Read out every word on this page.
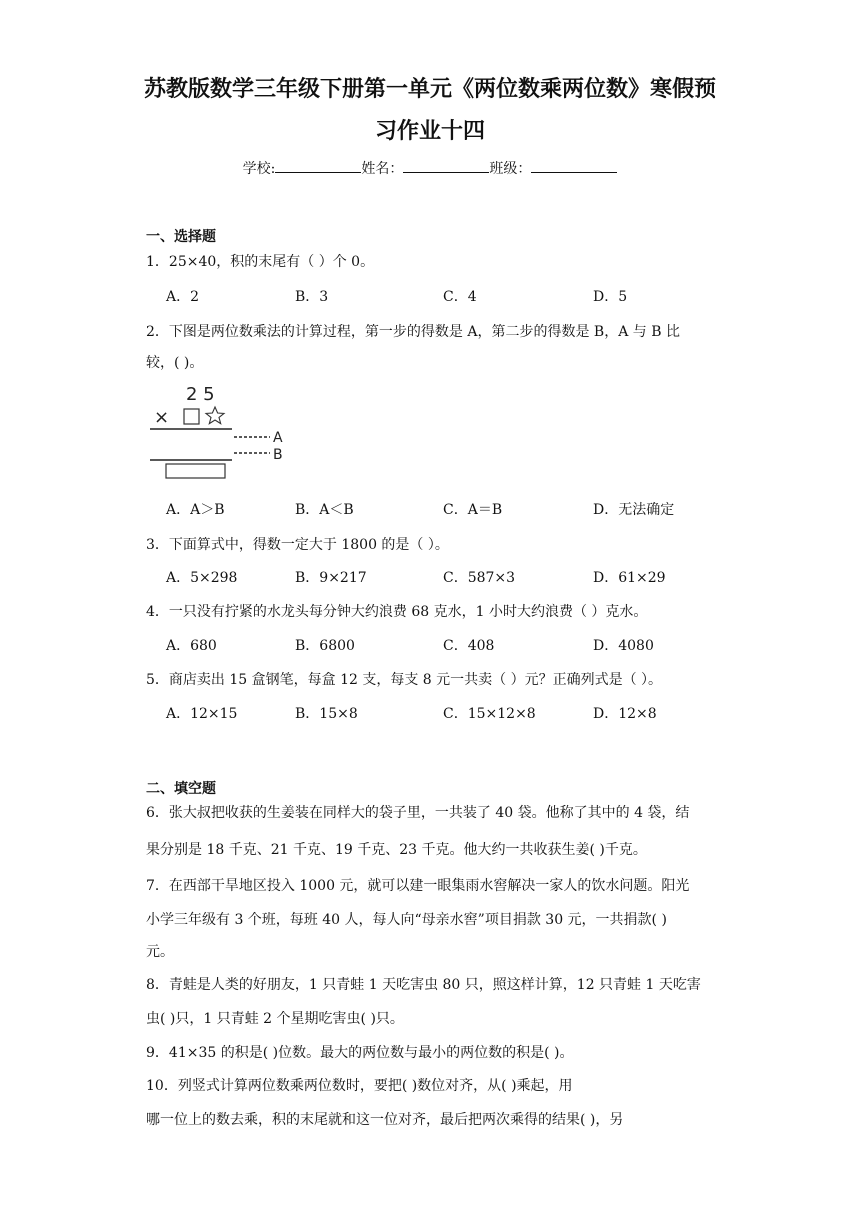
苏教版数学三年级下册第一单元《两位数乘两位数》寒假预
习作业十四
学校:	姓名：	班级：
一、选择题
1．25×40，积的末尾有（ ）个 0。
A．2	B．3	C．4	D．5
2．下图是两位数乘法的计算过程，第一步的得数是 A，第二步的得数是 B，A 与 B 比
较，( )。
2 5
×
A
B
A．A＞B	B．A＜B	C．A＝B	D．无法确定
3．下面算式中，得数一定大于 1800 的是（ ）。
A．5×298	B．9×217	C．587×3	D．61×29
4．一只没有拧紧的水龙头每分钟大约浪费 68 克水，1 小时大约浪费（ ）克水。
A．680	B．6800	C．408	D．4080
5．商店卖出 15 盒钢笔，每盒 12 支，每支 8 元一共卖（ ）元？正确列式是（ ）。
A．12×15	B．15×8	C．15×12×8	D．12×8
二、填空题
6．张大叔把收获的生姜装在同样大的袋子里，一共装了 40 袋。他称了其中的 4 袋，结
果分别是 18 千克、21 千克、19 千克、23 千克。他大约一共收获生姜( )千克。
7．在西部干旱地区投入 1000 元，就可以建一眼集雨水窖解决一家人的饮水问题。阳光
小学三年级有 3 个班，每班 40 人，每人向“母亲水窖”项目捐款 30 元，一共捐款( )
元。
8．青蛙是人类的好朋友，1 只青蛙 1 天吃害虫 80 只，照这样计算，12 只青蛙 1 天吃害
虫( )只，1 只青蛙 2 个星期吃害虫( )只。
9．41×35 的积是( )位数。最大的两位数与最小的两位数的积是( )。
10．列竖式计算两位数乘两位数时，要把( )数位对齐，从( )乘起，用
哪一位上的数去乘，积的末尾就和这一位对齐，最后把两次乘得的结果( )，另
